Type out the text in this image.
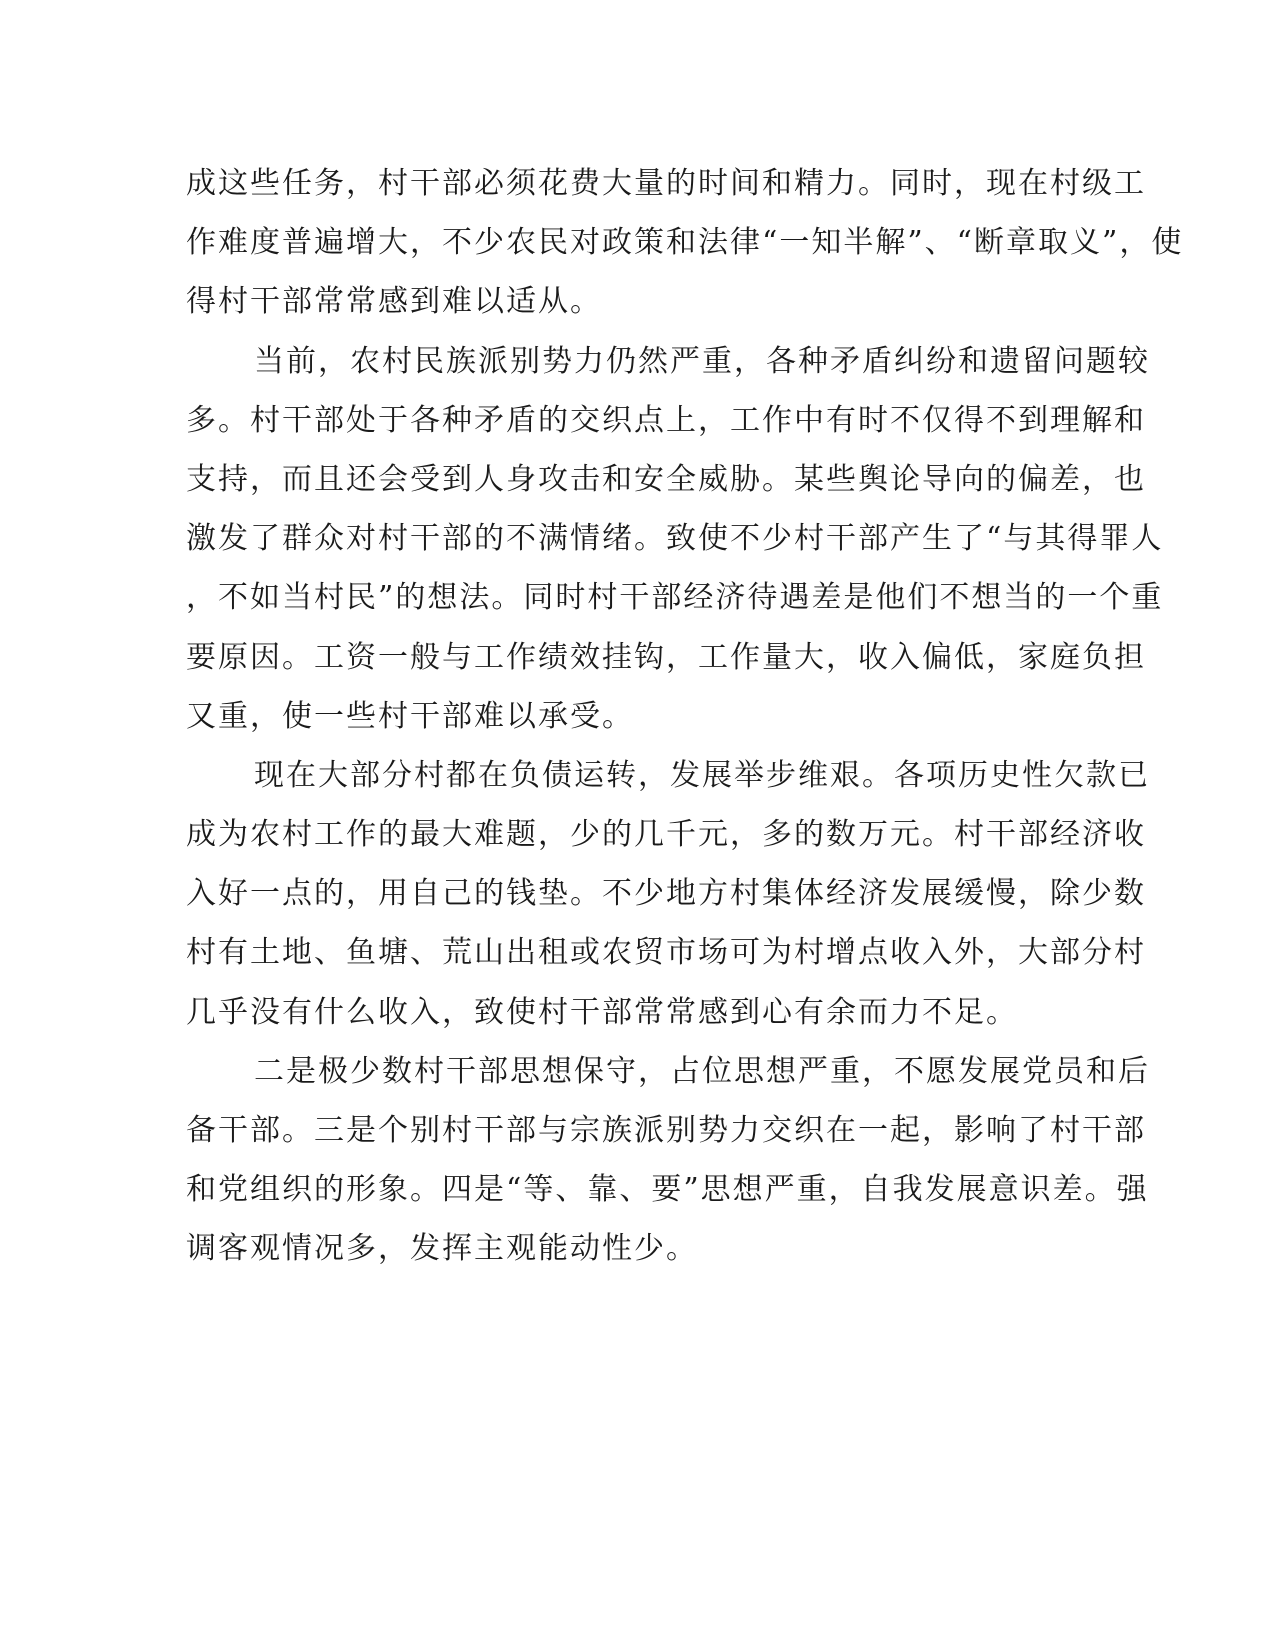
成这些任务，村干部必须花费大量的时间和精力。同时，现在村级工
作难度普遍增大，不少农民对政策和法律“一知半解”、“断章取义”，使
得村干部常常感到难以适从。
当前，农村民族派别势力仍然严重，各种矛盾纠纷和遗留问题较
多。村干部处于各种矛盾的交织点上，工作中有时不仅得不到理解和
支持，而且还会受到人身攻击和安全威胁。某些舆论导向的偏差，也
激发了群众对村干部的不满情绪。致使不少村干部产生了“与其得罪人
，不如当村民”的想法。同时村干部经济待遇差是他们不想当的一个重
要原因。工资一般与工作绩效挂钩，工作量大，收入偏低，家庭负担
又重，使一些村干部难以承受。
现在大部分村都在负债运转，发展举步维艰。各项历史性欠款已
成为农村工作的最大难题，少的几千元，多的数万元。村干部经济收
入好一点的，用自己的钱垫。不少地方村集体经济发展缓慢，除少数
村有土地、鱼塘、荒山出租或农贸市场可为村增点收入外，大部分村
几乎没有什么收入，致使村干部常常感到心有余而力不足。
二是极少数村干部思想保守，占位思想严重，不愿发展党员和后
备干部。三是个别村干部与宗族派别势力交织在一起，影响了村干部
和党组织的形象。四是“等、靠、要”思想严重，自我发展意识差。强
调客观情况多，发挥主观能动性少。
